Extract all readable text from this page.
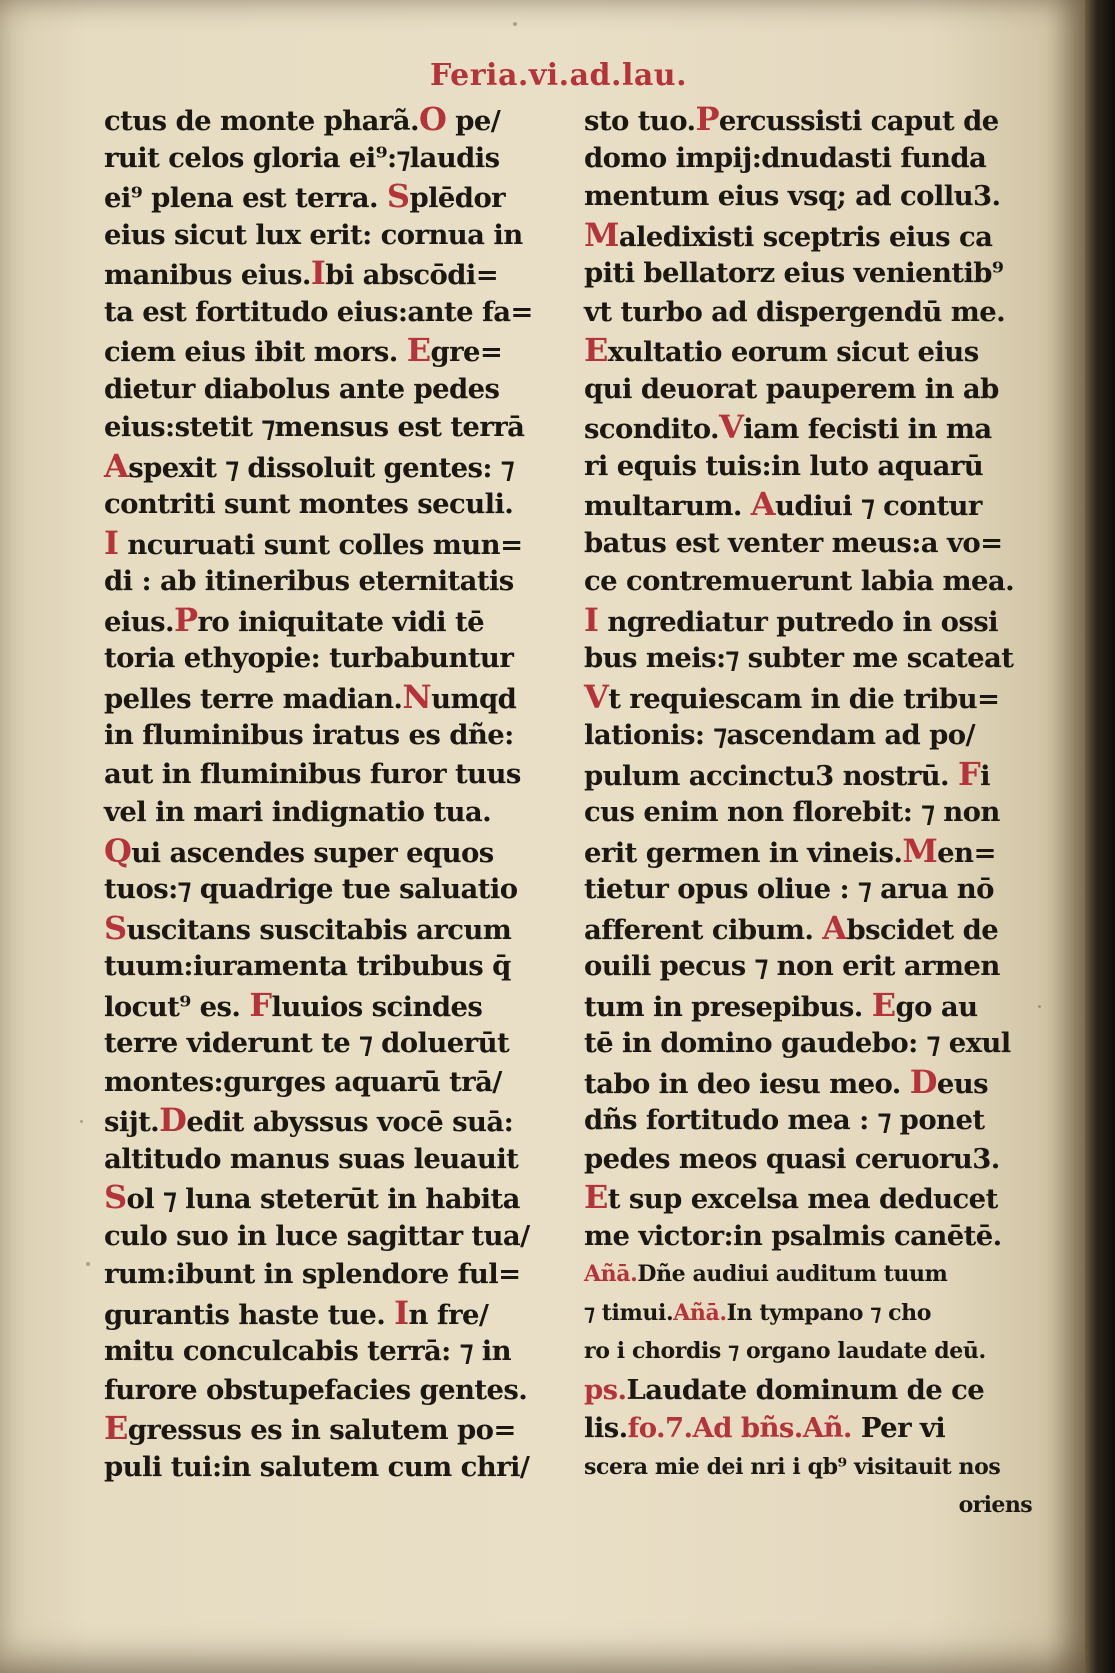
Feria.vi.ad.lau.
ctus de monte pharã.O pe/
ruit celos gloria ei⁹:⁊laudis
ei⁹ plena est terra. Splēdor
eius sicut lux erit: cornua in
manibus eius.Ibi abscōdi=
ta est fortitudo eius:ante fa=
ciem eius ibit mors. Egre=
dietur diabolus ante pedes
eius:stetit ⁊mensus est terrā
Aspexit ⁊ dissoluit gentes: ⁊
contriti sunt montes seculi.
I ncuruati sunt colles mun=
di : ab itineribus eternitatis
eius.Pro iniquitate vidi tē
toria ethyopie: turbabuntur
pelles terre madian.Numqd
in fluminibus iratus es dñe:
aut in fluminibus furor tuus
vel in mari indignatio tua.
Qui ascendes super equos
tuos:⁊ quadrige tue saluatio
Suscitans suscitabis arcum
tuum:iuramenta tribubus q̄
locut⁹ es. Fluuios scindes
terre viderunt te ⁊ doluerūt
montes:gurges aquarū trā/
sijt.Dedit abyssus vocē suā:
altitudo manus suas leuauit
Sol ⁊ luna steterūt in habita
culo suo in luce sagittar tua/
rum:ibunt in splendore ful=
gurantis haste tue. In fre/
mitu conculcabis terrā: ⁊ in
furore obstupefacies gentes.
Egressus es in salutem po=
puli tui:in salutem cum chri/
sto tuo.Percussisti caput de
domo impij:dnudasti funda
mentum eius vsq; ad collu3.
Maledixisti sceptris eius ca
piti bellatorz eius venientib⁹
vt turbo ad dispergendū me.
Exultatio eorum sicut eius
qui deuorat pauperem in ab
scondito.Viam fecisti in ma
ri equis tuis:in luto aquarū
multarum. Audiui ⁊ contur
batus est venter meus:a vo=
ce contremuerunt labia mea.
I ngrediatur putredo in ossi
bus meis:⁊ subter me scateat
Vt requiescam in die tribu=
lationis: ⁊ascendam ad po/
pulum accinctu3 nostrū. Fi
cus enim non florebit: ⁊ non
erit germen in vineis.Men=
tietur opus oliue : ⁊ arua nō
afferent cibum. Abscidet de
ouili pecus ⁊ non erit armen
tum in presepibus. Ego au
tē in domino gaudebo: ⁊ exul
tabo in deo iesu meo. Deus
dñs fortitudo mea : ⁊ ponet
pedes meos quasi ceruoru3.
Et sup excelsa mea deducet
me victor:in psalmis canētē.
Añā.Dñe audiui auditum tuum
⁊ timui.Añā.In tympano ⁊ cho
ro i chordis ⁊ organo laudate deū.
ps.Laudate dominum de ce
lis.fo.7.Ad bñs.Añ. Per vi
scera mie dei nri i qb⁹ visitauit nos
oriens
